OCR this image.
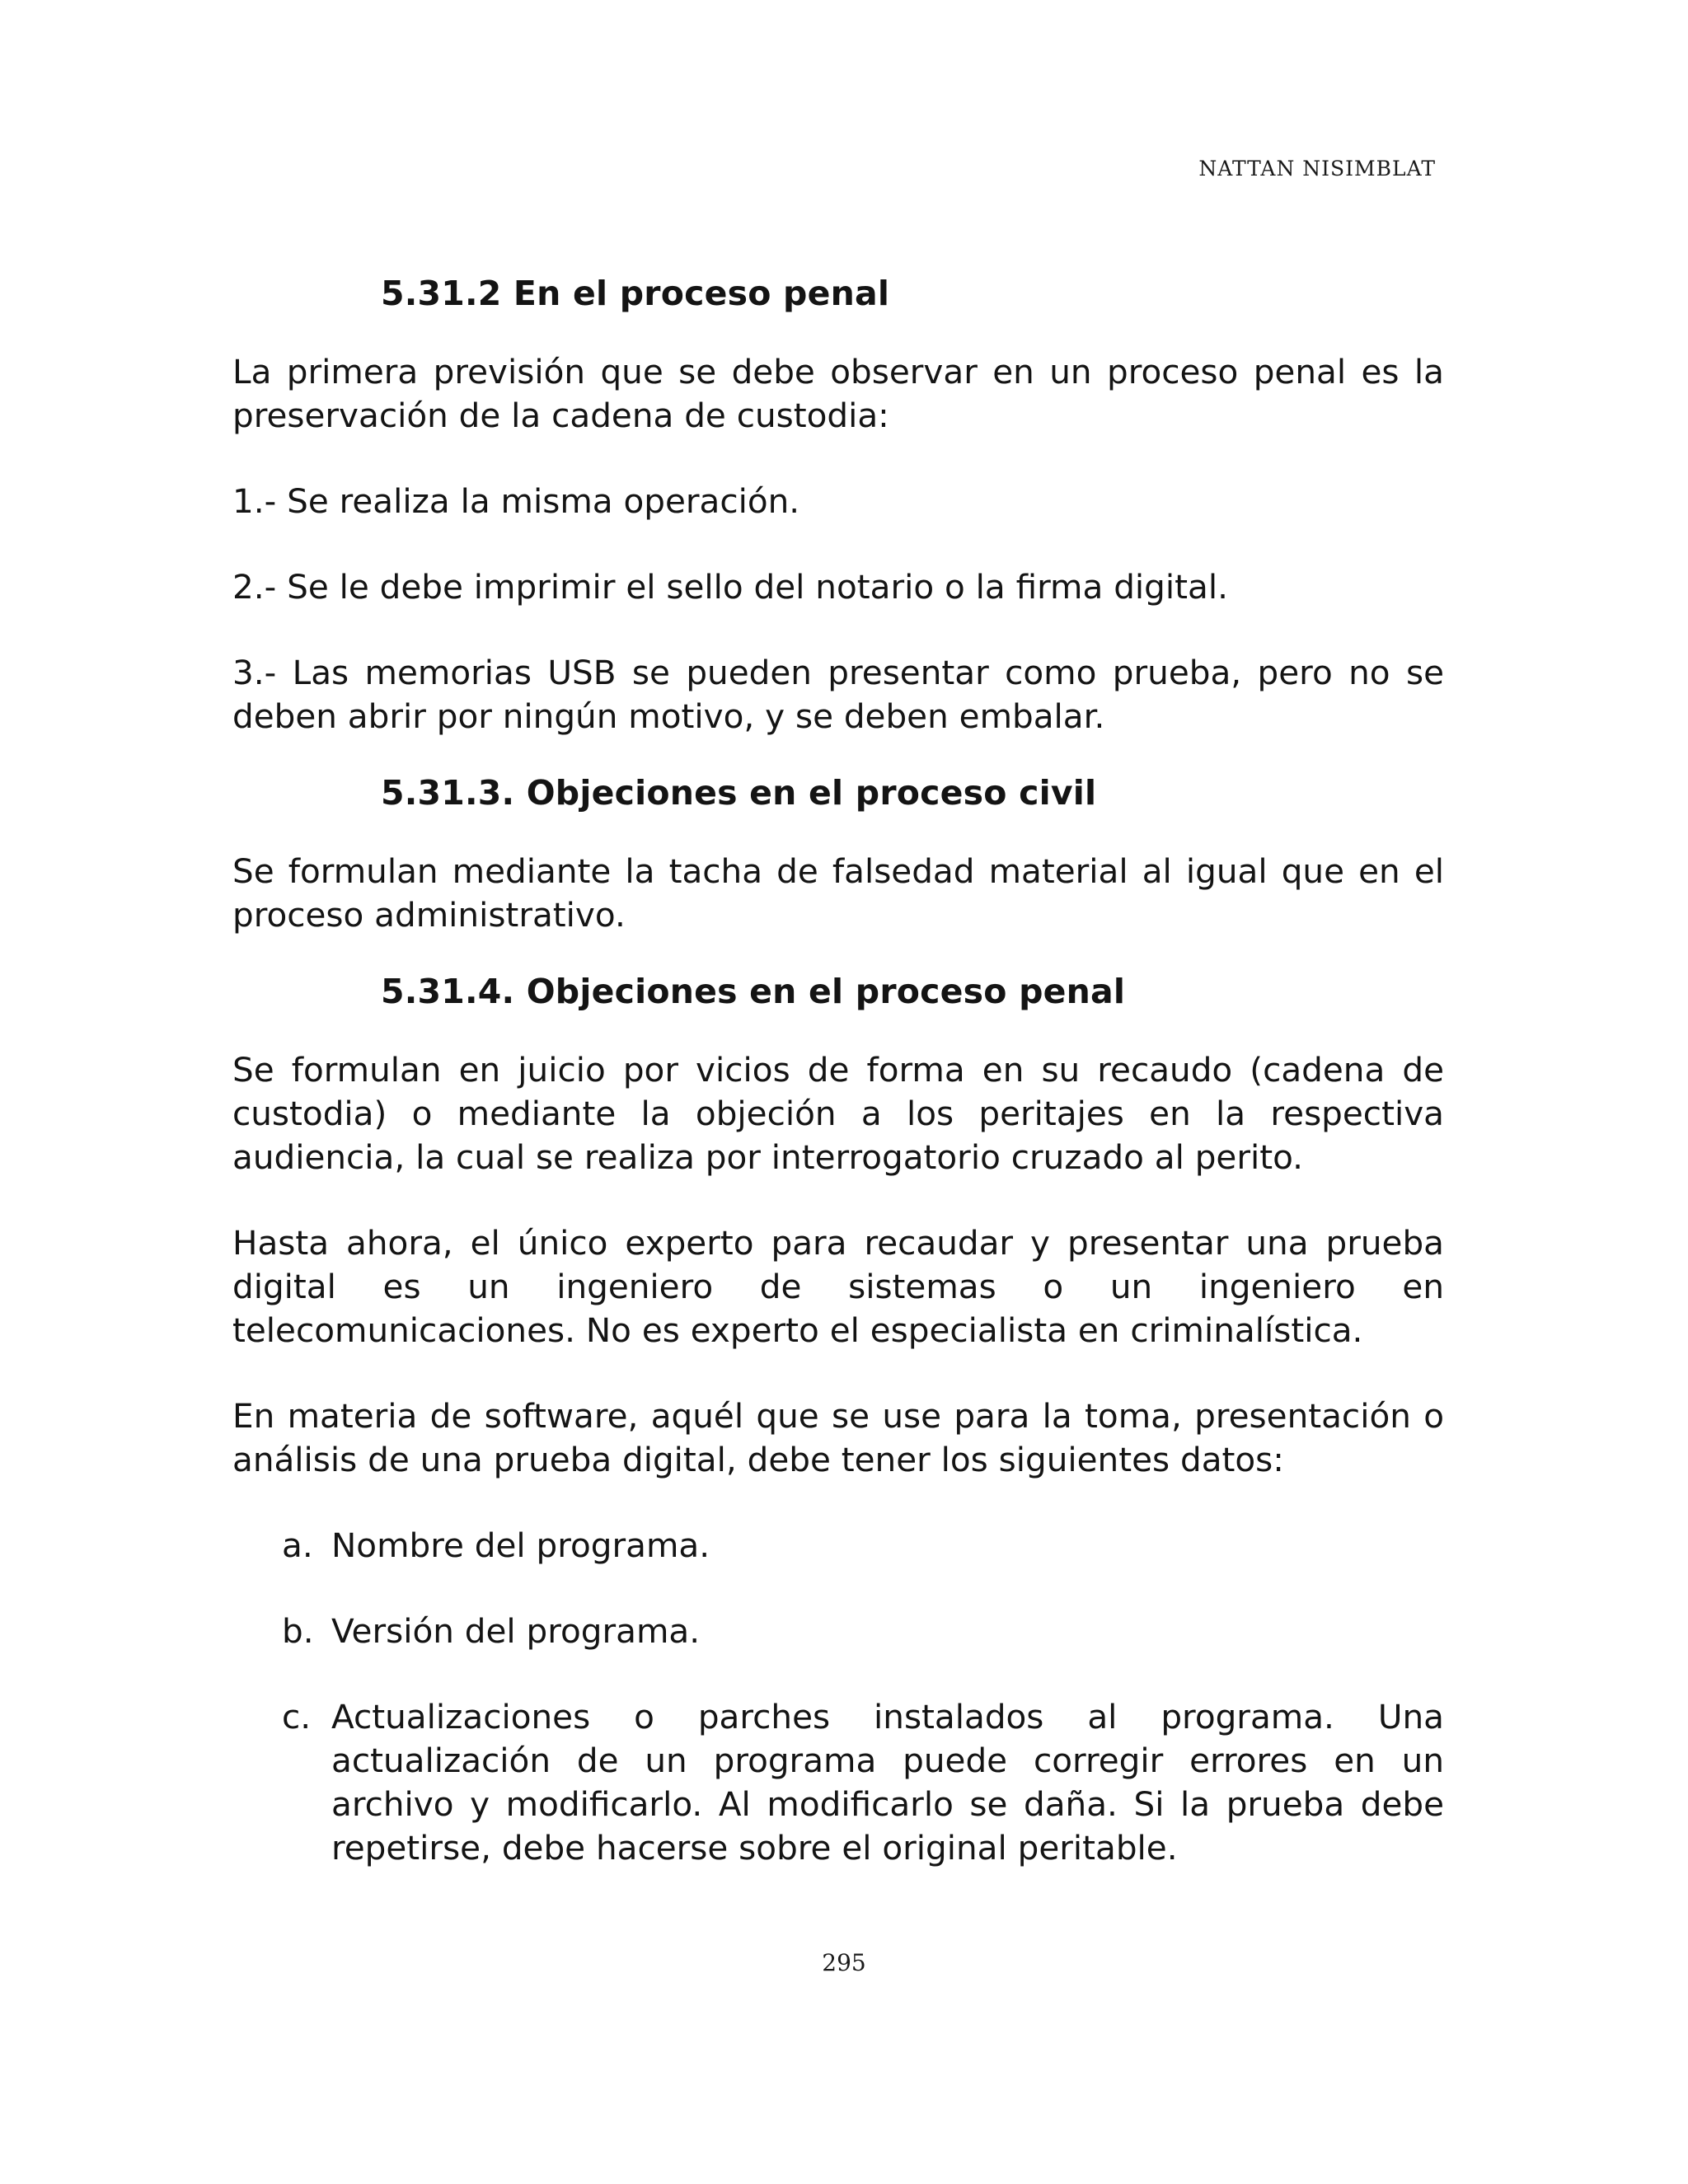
NATTAN NISIMBLAT
5.31.2 En el proceso penal

La primera previsión que se debe observar en un proceso penal es la preservación de la cadena de custodia:

1.- Se realiza la misma operación.

2.- Se le debe imprimir el sello del notario o la firma digital.

3.- Las memorias USB se pueden presentar como prueba, pero no se deben abrir por ningún motivo, y se deben embalar.

5.31.3. Objeciones en el proceso civil

Se formulan mediante la tacha de falsedad material al igual que en el proceso administrativo.

5.31.4. Objeciones en el proceso penal

Se formulan en juicio por vicios de forma en su recaudo (cadena de custodia) o mediante la objeción a los peritajes en la respectiva audiencia, la cual se realiza por interrogatorio cruzado al perito.

Hasta ahora, el único experto para recaudar y presentar una prueba digital es un ingeniero de sistemas o un ingeniero en telecomunicaciones. No es experto el especialista en criminalística.

En materia de software, aquél que se use para la toma, presentación o análisis de una prueba digital, debe tener los siguientes datos:

a. Nombre del programa.
b. Versión del programa.
c. Actualizaciones o parches instalados al programa. Una actualización de un programa puede corregir errores en un archivo y modificarlo. Al modificarlo se daña. Si la prueba debe repetirse, debe hacerse sobre el original peritable.
295
